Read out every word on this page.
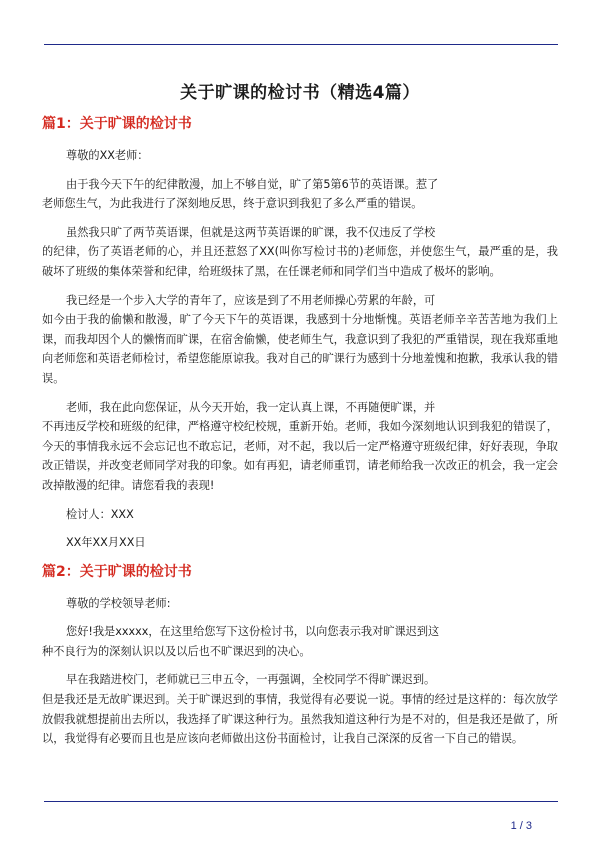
关于旷课的检讨书（精选4篇）
篇1：关于旷课的检讨书
尊敬的XX老师：
由于我今天下午的纪律散漫，加上不够自觉，旷了第5第6节的英语课。惹了
老师您生气，为此我进行了深刻地反思，终于意识到我犯了多么严重的错误。
虽然我只旷了两节英语课，但就是这两节英语课的旷课，我不仅违反了学校
的纪律，伤了英语老师的心，并且还惹怒了XX(叫你写检讨书的)老师您，并使您生气，最严重的是，我破坏了班级的集体荣誉和纪律，给班级抹了黑，在任课老师和同学们当中造成了极坏的影响。
我已经是一个步入大学的青年了，应该是到了不用老师操心劳累的年龄，可
如今由于我的偷懒和散漫，旷了今天下午的英语课，我感到十分地惭愧。英语老师辛辛苦苦地为我们上课，而我却因个人的懒惰而旷课，在宿舍偷懒，使老师生气，我意识到了我犯的严重错误，现在我郑重地向老师您和英语老师检讨，希望您能原谅我。我对自己的旷课行为感到十分地羞愧和抱歉，我承认我的错误。
老师，我在此向您保证，从今天开始，我一定认真上课，不再随便旷课，并
不再违反学校和班级的纪律，严格遵守校纪校规，重新开始。老师，我如今深刻地认识到我犯的错误了，今天的事情我永远不会忘记也不敢忘记，老师，对不起，我以后一定严格遵守班级纪律，好好表现，争取改正错误，并改变老师同学对我的印象。如有再犯，请老师重罚，请老师给我一次改正的机会，我一定会改掉散漫的纪律。请您看我的表现!
检讨人：XXX
XX年XX月XX日
篇2：关于旷课的检讨书
尊敬的学校领导老师:
您好!我是xxxxx，在这里给您写下这份检讨书，以向您表示我对旷课迟到这
种不良行为的深刻认识以及以后也不旷课迟到的决心。
早在我踏进校门，老师就已三申五令，一再强调，全校同学不得旷课迟到。
但是我还是无故旷课迟到。关于旷课迟到的事情，我觉得有必要说一说。事情的经过是这样的：每次放学放假我就想提前出去所以，我选择了旷课这种行为。虽然我知道这种行为是不对的，但是我还是做了，所以，我觉得有必要而且也是应该向老师做出这份书面检讨，让我自己深深的反省一下自己的错误。
1 / 3
